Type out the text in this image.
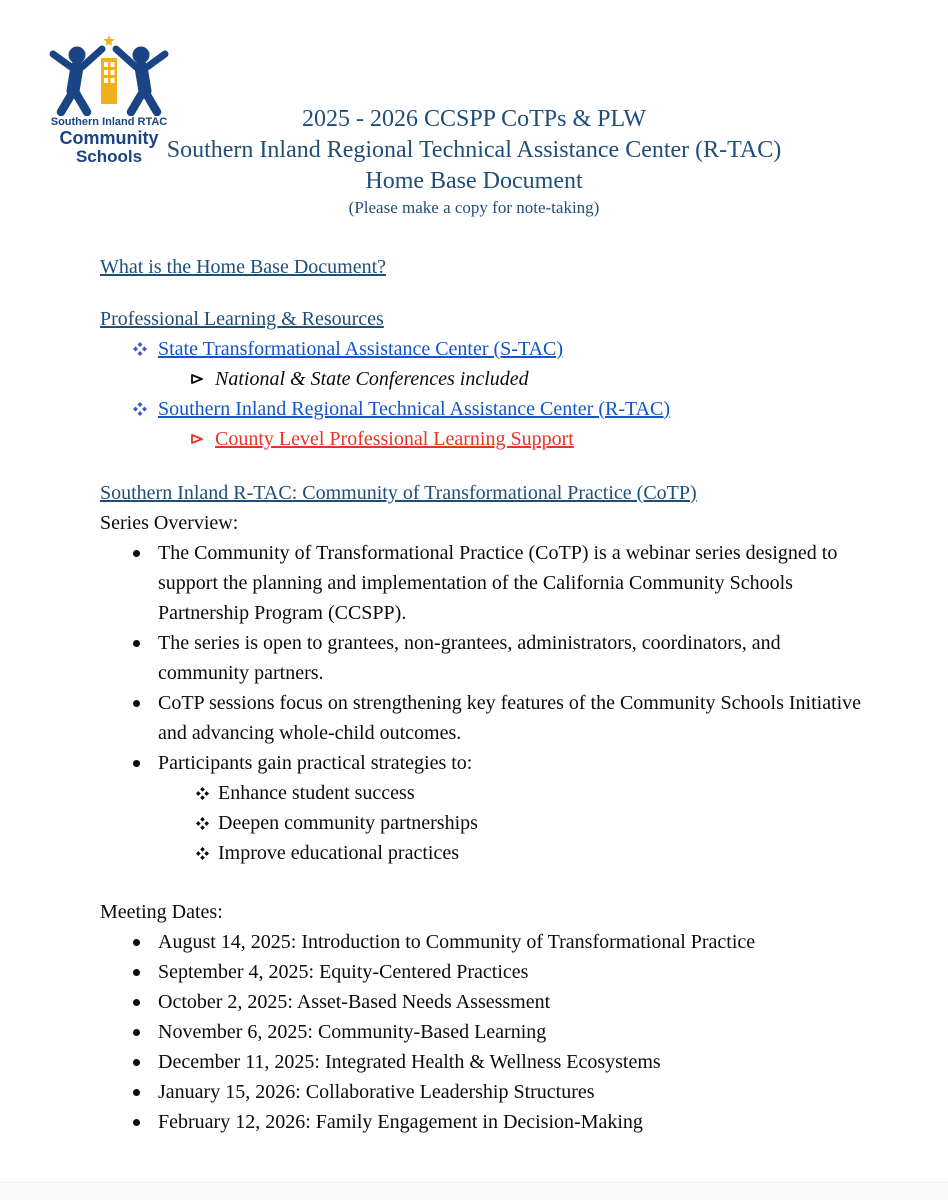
Southern Inland RTAC
Community
Schools
2025 - 2026 CCSPP CoTPs & PLW
Southern Inland Regional Technical Assistance Center (R-TAC)
Home Base Document
(Please make a copy for note-taking)
What is the Home Base Document?
Professional Learning & Resources
State Transformational Assistance Center (S-TAC)
National & State Conferences included
Southern Inland Regional Technical Assistance Center (R-TAC)
County Level Professional Learning Support
Southern Inland R-TAC: Community of Transformational Practice (CoTP)
Series Overview:
The Community of Transformational Practice (CoTP) is a webinar series designed to support the planning and implementation of the California Community Schools Partnership Program (CCSPP).
The series is open to grantees, non-grantees, administrators, coordinators, and community partners.
CoTP sessions focus on strengthening key features of the Community Schools Initiative and advancing whole-child outcomes.
Participants gain practical strategies to:
Enhance student success
Deepen community partnerships
Improve educational practices
Meeting Dates:
August 14, 2025: Introduction to Community of Transformational Practice
September 4, 2025: Equity-Centered Practices
October 2, 2025: Asset-Based Needs Assessment
November 6, 2025: Community-Based Learning
December 11, 2025: Integrated Health & Wellness Ecosystems
January 15, 2026: Collaborative Leadership Structures
February 12, 2026: Family Engagement in Decision-Making
